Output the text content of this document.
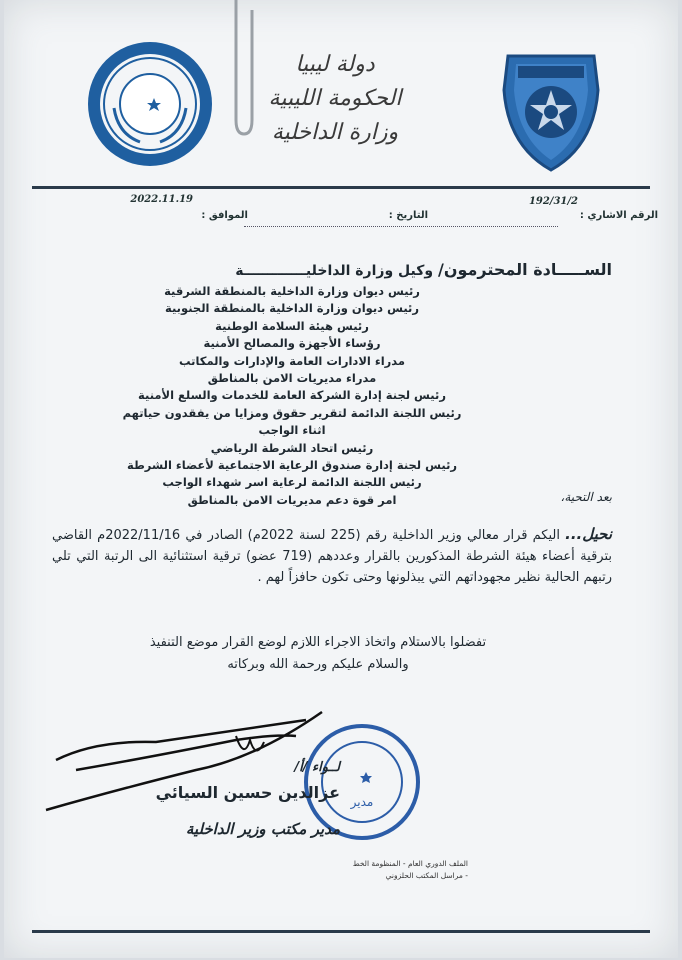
دولة ليبيا
الحكومة الليبية
وزارة الداخلية
الرقم الاشاري :
192/31/2
التاريخ :
الموافق :
2022.11.19
الســـــادة المحترمون/ وكيل وزارة الداخليـــــــــــــة
رئيس ديوان وزارة الداخلية بالمنطقة الشرقية
رئيس ديوان وزارة الداخلية بالمنطقة الجنوبية
رئيس هيئة السلامة الوطنية
رؤساء الأجهزة والمصالح الأمنية
مدراء الادارات العامة والإدارات والمكاتب
مدراء مديريات الامن بالمناطق
رئيس لجنة إدارة الشركة العامة للخدمات والسلع الأمنية
رئيس اللجنة الدائمة لتقرير حقوق ومزايا من يفقدون حياتهم اثناء الواجب
رئيس اتحاد الشرطة الرياضي
رئيس لجنة إدارة صندوق الرعاية الاجتماعية لأعضاء الشرطة
رئيس اللجنة الدائمة لرعاية اسر شهداء الواجب
امر قوة دعم مديريات الامن بالمناطق	بعد التحية،
نحيل... اليكم قرار معالي وزير الداخلية رقم (225 لسنة 2022م) الصادر في 2022/11/16م القاضي بترقية أعضاء هيئة الشرطة المذكورين بالقرار وعددهم (719 عضو) ترقية استثنائية الى الرتبة التي تلي رتبهم الحالية نظير مجهوداتهم التي يبذلونها وحتى تكون حافزاً لهم .
تفضلوا بالاستلام واتخاذ الاجراء اللازم لوضع القرار موضع التنفيذ
والسلام عليكم ورحمة الله وبركاته
مدير
لــواء /أ/
عزالدين حسين السيائي
مدير مكتب وزير الداخلية
الملف الدوري العام - المنظومة الخط
- مراسل المكتب الحلزوني
